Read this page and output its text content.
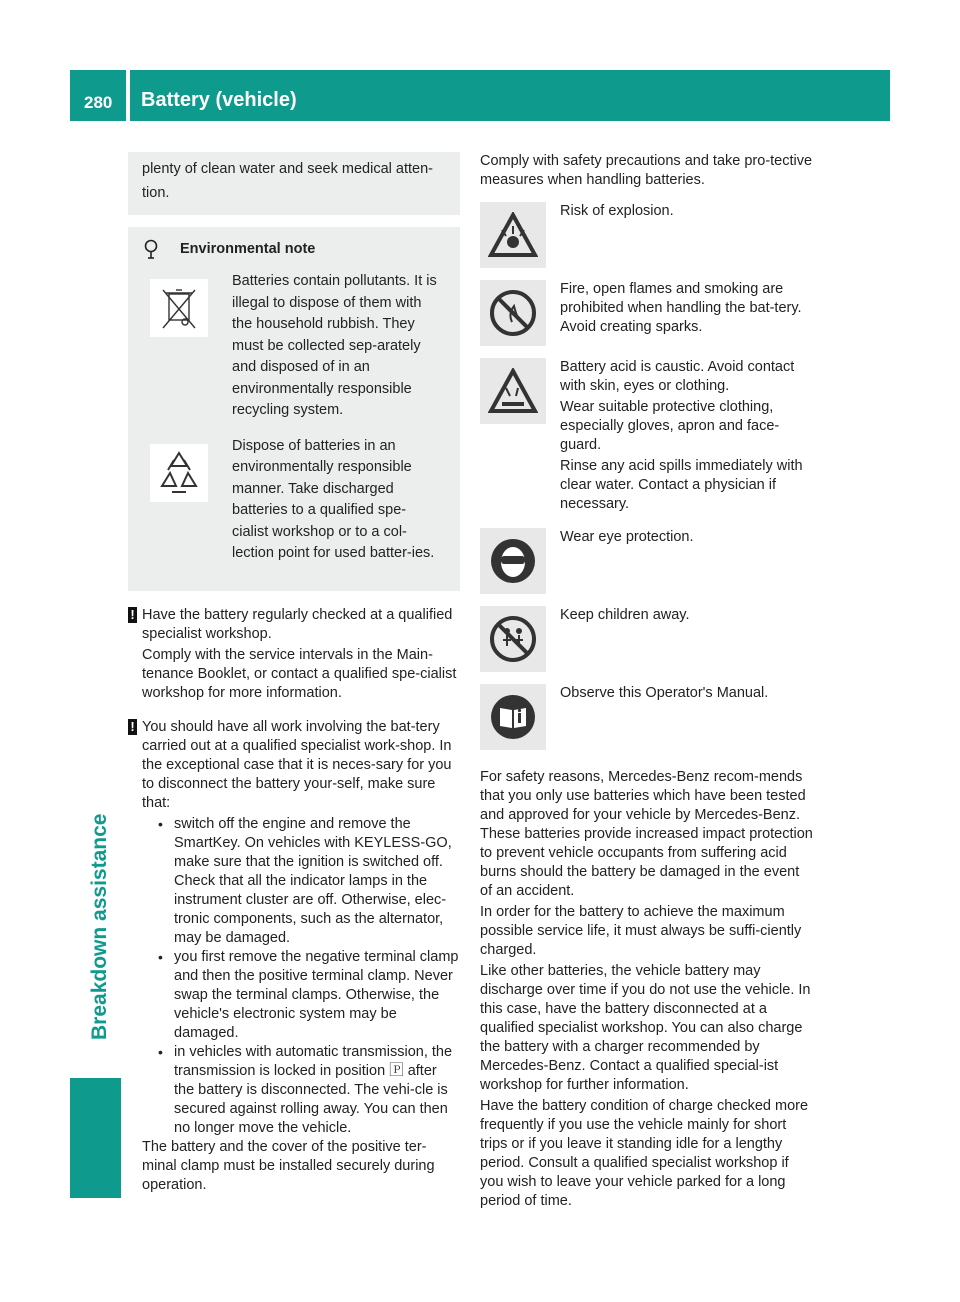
280 Battery (vehicle)
Breakdown assistance

plenty of clean water and seek medical atten-tion.

Environmental note

Batteries contain pollutants. It is illegal to dispose of them with the household rubbish. They must be collected sep-arately and disposed of in an environmentally responsible recycling system.

Dispose of batteries in an environmentally responsible manner. Take discharged batteries to a qualified spe-cialist workshop or to a col-lection point for used batter-ies.

! Have the battery regularly checked at a qualified specialist workshop.

Comply with the service intervals in the Main-tenance Booklet, or contact a qualified spe-cialist workshop for more information.

! You should have all work involving the bat-tery carried out at a qualified specialist work-shop. In the exceptional case that it is neces-sary for you to disconnect the battery your-self, make sure that:

• switch off the engine and remove the SmartKey. On vehicles with KEYLESS-GO, make sure that the ignition is switched off. Check that all the indicator lamps in the instrument cluster are off. Otherwise, elec-tronic components, such as the alternator, may be damaged.
• you first remove the negative terminal clamp and then the positive terminal clamp. Never swap the terminal clamps. Otherwise, the vehicle's electronic system may be damaged.
• in vehicles with automatic transmission, the transmission is locked in position 🄿 after the battery is disconnected. The vehi-cle is secured against rolling away. You can then no longer move the vehicle.

The battery and the cover of the positive ter-minal clamp must be installed securely during operation.

Comply with safety precautions and take pro-tective measures when handling batteries.

Risk of explosion.

Fire, open flames and smoking are prohibited when handling the bat-tery. Avoid creating sparks.

Battery acid is caustic. Avoid contact with skin, eyes or clothing.

Wear suitable protective clothing, especially gloves, apron and face-guard.

Rinse any acid spills immediately with clear water. Contact a physician if necessary.

Wear eye protection.

Keep children away.

Observe this Operator's Manual.

For safety reasons, Mercedes-Benz recom-mends that you only use batteries which have been tested and approved for your vehicle by Mercedes-Benz. These batteries provide increased impact protection to prevent vehicle occupants from suffering acid burns should the battery be damaged in the event of an accident.

In order for the battery to achieve the maximum possible service life, it must always be suffi-ciently charged.

Like other batteries, the vehicle battery may discharge over time if you do not use the vehicle. In this case, have the battery disconnected at a qualified specialist workshop. You can also charge the battery with a charger recommended by Mercedes-Benz. Contact a qualified special-ist workshop for further information.

Have the battery condition of charge checked more frequently if you use the vehicle mainly for short trips or if you leave it standing idle for a lengthy period. Consult a qualified specialist workshop if you wish to leave your vehicle parked for a long period of time.
